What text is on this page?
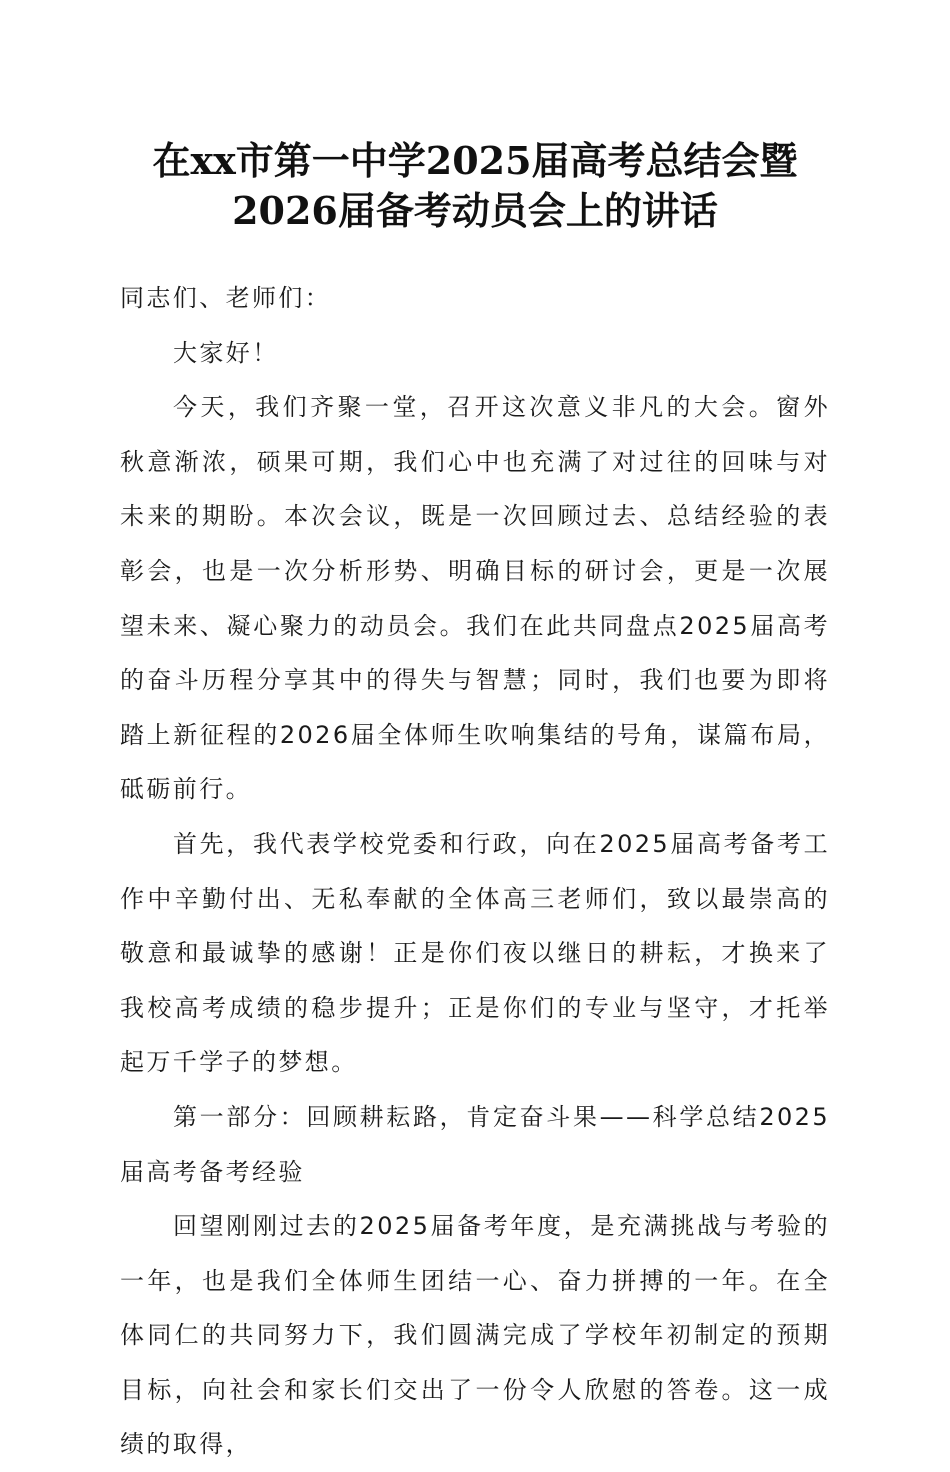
在xx市第一中学2025届高考总结会暨2026届备考动员会上的讲话

同志们、老师们：

大家好！

今天，我们齐聚一堂，召开这次意义非凡的大会。窗外秋意渐浓，硕果可期，我们心中也充满了对过往的回味与对未来的期盼。本次会议，既是一次回顾过去、总结经验的表彰会，也是一次分析形势、明确目标的研讨会，更是一次展望未来、凝心聚力的动员会。我们在此共同盘点2025届高考的奋斗历程分享其中的得失与智慧；同时，我们也要为即将踏上新征程的2026届全体师生吹响集结的号角，谋篇布局，砥砺前行。

首先，我代表学校党委和行政，向在2025届高考备考工作中辛勤付出、无私奉献的全体高三老师们，致以最崇高的敬意和最诚挚的感谢！正是你们夜以继日的耕耘，才换来了我校高考成绩的稳步提升；正是你们的专业与坚守，才托举起万千学子的梦想。

第一部分：回顾耕耘路，肯定奋斗果——科学总结2025届高考备考经验

回望刚刚过去的2025届备考年度，是充满挑战与考验的一年，也是我们全体师生团结一心、奋力拼搏的一年。在全体同仁的共同努力下，我们圆满完成了学校年初制定的预期目标，向社会和家长们交出了一份令人欣慰的答卷。这一成绩的取得，
